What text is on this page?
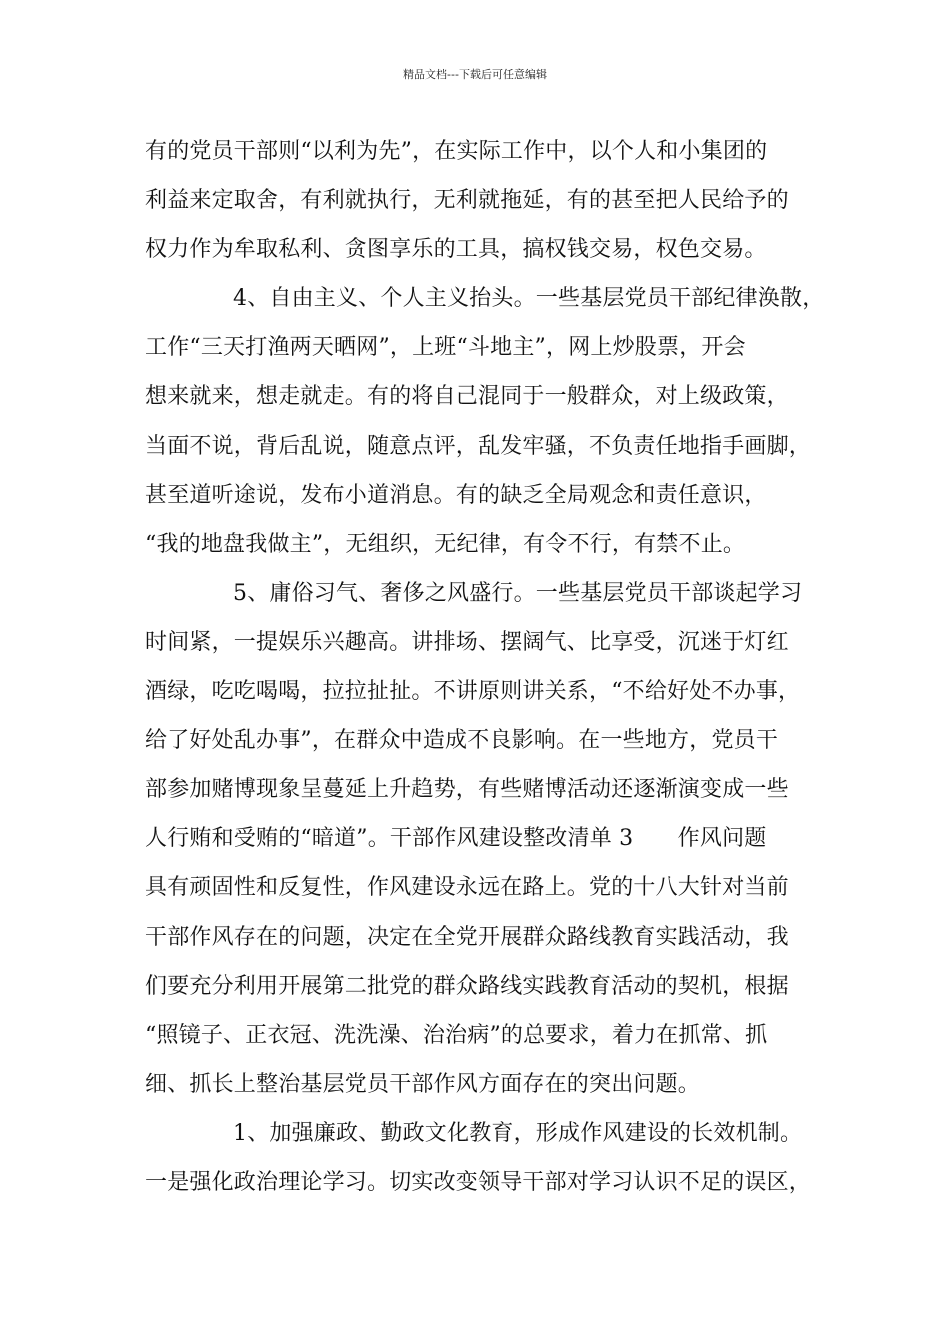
精品文档---下载后可任意编辑
有的党员干部则“以利为先”，在实际工作中，以个人和小集团的
利益来定取舍，有利就执行，无利就拖延，有的甚至把人民给予的
权力作为牟取私利、贪图享乐的工具，搞权钱交易，权色交易。
4、自由主义、个人主义抬头。一些基层党员干部纪律涣散，
工作“三天打渔两天晒网”，上班“斗地主”，网上炒股票，开会
想来就来，想走就走。有的将自己混同于一般群众，对上级政策，
当面不说，背后乱说，随意点评，乱发牢骚，不负责任地指手画脚，
甚至道听途说，发布小道消息。有的缺乏全局观念和责任意识，
“我的地盘我做主”，无组织，无纪律，有令不行，有禁不止。
5、庸俗习气、奢侈之风盛行。一些基层党员干部谈起学习
时间紧，一提娱乐兴趣高。讲排场、摆阔气、比享受，沉迷于灯红
酒绿，吃吃喝喝，拉拉扯扯。不讲原则讲关系，“不给好处不办事，
给了好处乱办事”，在群众中造成不良影响。在一些地方，党员干
部参加赌博现象呈蔓延上升趋势，有些赌博活动还逐渐演变成一些
人行贿和受贿的“暗道”。干部作风建设整改清单 3　　作风问题
具有顽固性和反复性，作风建设永远在路上。党的十八大针对当前
干部作风存在的问题，决定在全党开展群众路线教育实践活动，我
们要充分利用开展第二批党的群众路线实践教育活动的契机，根据
“照镜子、正衣冠、洗洗澡、治治病”的总要求，着力在抓常、抓
细、抓长上整治基层党员干部作风方面存在的突出问题。
1、加强廉政、勤政文化教育，形成作风建设的长效机制。
一是强化政治理论学习。切实改变领导干部对学习认识不足的误区，
